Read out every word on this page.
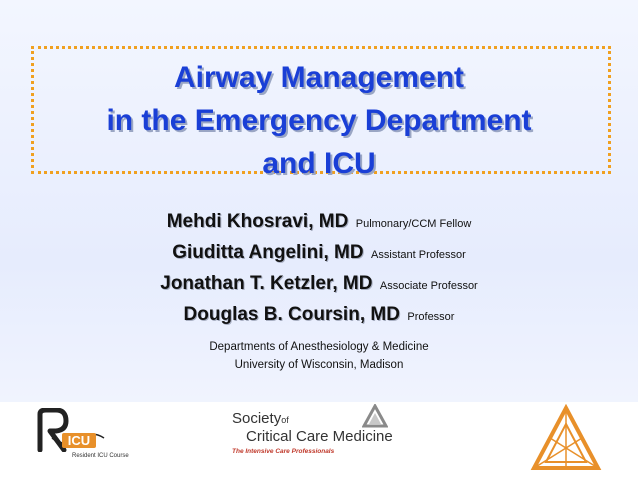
Airway Management
in the Emergency Department
and ICU
Mehdi Khosravi, MD Pulmonary/CCM Fellow
Giuditta Angelini, MD Assistant Professor
Jonathan T. Ketzler, MD Associate Professor
Douglas B. Coursin, MD Professor
Departments of Anesthesiology & Medicine
University of Wisconsin, Madison
ICU
Resident ICU Course
Societyof
Critical Care Medicine
The Intensive Care Professionals
